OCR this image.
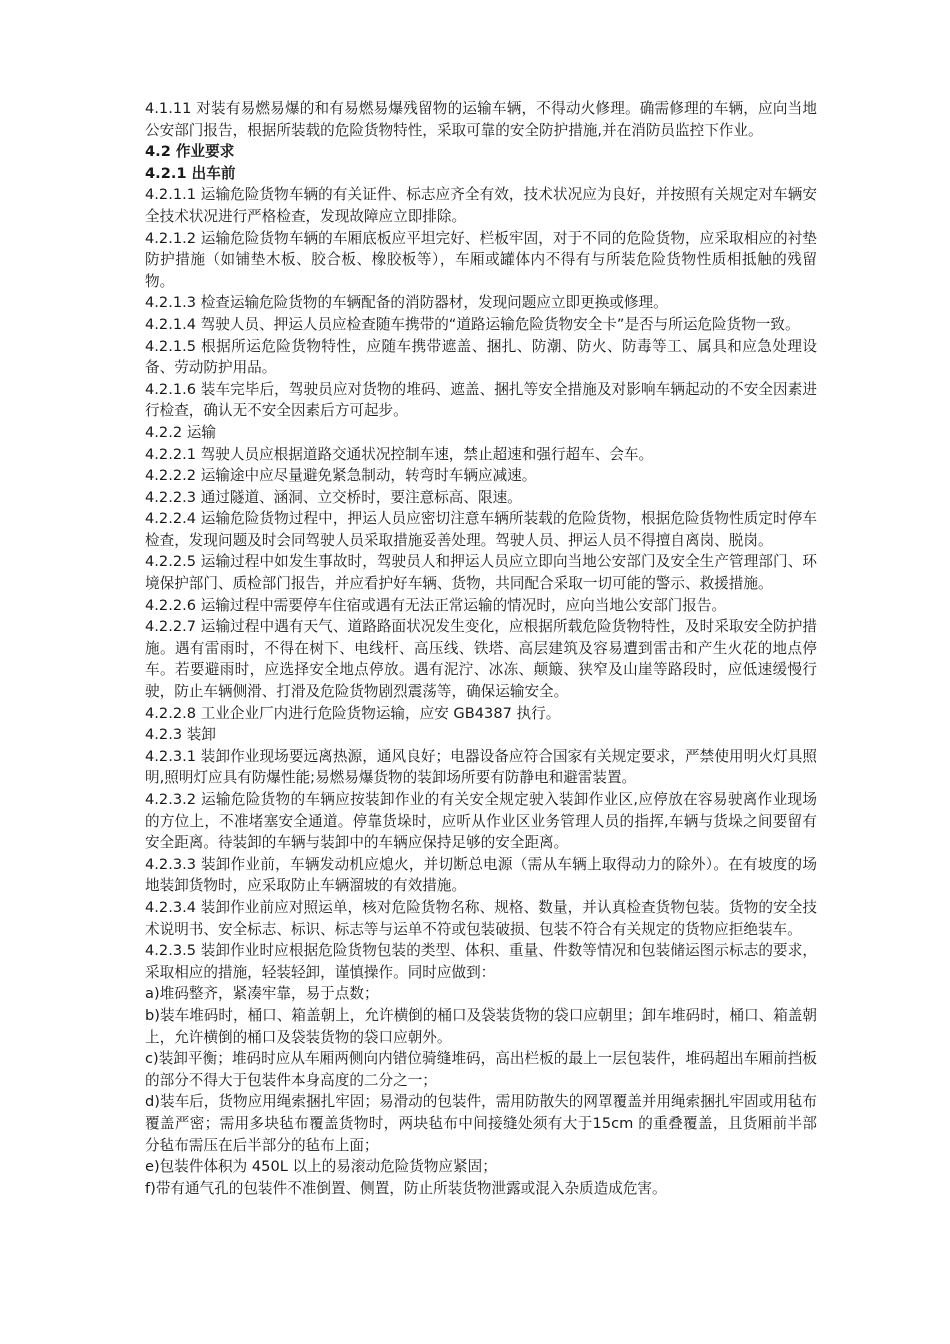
4.1.11 对装有易燃易爆的和有易燃易爆残留物的运输车辆，不得动火修理。确需修理的车辆，应向当地公安部门报告，根据所装载的危险货物特性，采取可靠的安全防护措施,并在消防员监控下作业。

4.2 作业要求

4.2.1 出车前

4.2.1.1 运输危险货物车辆的有关证件、标志应齐全有效，技术状况应为良好，并按照有关规定对车辆安全技术状况进行严格检查，发现故障应立即排除。

4.2.1.2 运输危险货物车辆的车厢底板应平坦完好、栏板牢固，对于不同的危险货物，应采取相应的衬垫防护措施（如铺垫木板、胶合板、橡胶板等），车厢或罐体内不得有与所装危险货物性质相抵触的残留物。

4.2.1.3 检查运输危险货物的车辆配备的消防器材，发现问题应立即更换或修理。

4.2.1.4 驾驶人员、押运人员应检查随车携带的“道路运输危险货物安全卡”是否与所运危险货物一致。

4.2.1.5 根据所运危险货物特性，应随车携带遮盖、捆扎、防潮、防火、防毒等工、属具和应急处理设备、劳动防护用品。

4.2.1.6 装车完毕后，驾驶员应对货物的堆码、遮盖、捆扎等安全措施及对影响车辆起动的不安全因素进行检查，确认无不安全因素后方可起步。

4.2.2 运输

4.2.2.1 驾驶人员应根据道路交通状况控制车速，禁止超速和强行超车、会车。

4.2.2.2 运输途中应尽量避免紧急制动，转弯时车辆应减速。

4.2.2.3 通过隧道、涵洞、立交桥时，要注意标高、限速。

4.2.2.4 运输危险货物过程中，押运人员应密切注意车辆所装载的危险货物，根据危险货物性质定时停车检查，发现问题及时会同驾驶人员采取措施妥善处理。驾驶人员、押运人员不得擅自离岗、脱岗。

4.2.2.5 运输过程中如发生事故时，驾驶员人和押运人员应立即向当地公安部门及安全生产管理部门、环境保护部门、质检部门报告，并应看护好车辆、货物，共同配合采取一切可能的警示、救援措施。

4.2.2.6 运输过程中需要停车住宿或遇有无法正常运输的情况时，应向当地公安部门报告。

4.2.2.7 运输过程中遇有天气、道路路面状况发生变化，应根据所载危险货物特性，及时采取安全防护措施。遇有雷雨时，不得在树下、电线杆、高压线、铁塔、高层建筑及容易遭到雷击和产生火花的地点停车。若要避雨时，应选择安全地点停放。遇有泥泞、冰冻、颠簸、狭窄及山崖等路段时，应低速缓慢行驶，防止车辆侧滑、打滑及危险货物剧烈震荡等，确保运输安全。

4.2.2.8 工业企业厂内进行危险货物运输，应安 GB4387 执行。

4.2.3 装卸

4.2.3.1 装卸作业现场要远离热源，通风良好；电器设备应符合国家有关规定要求，严禁使用明火灯具照明,照明灯应具有防爆性能;易燃易爆货物的装卸场所要有防静电和避雷装置。

4.2.3.2 运输危险货物的车辆应按装卸作业的有关安全规定驶入装卸作业区,应停放在容易驶离作业现场的方位上，不准堵塞安全通道。停靠货垛时，应听从作业区业务管理人员的指挥,车辆与货垛之间要留有安全距离。待装卸的车辆与装卸中的车辆应保持足够的安全距离。

4.2.3.3 装卸作业前，车辆发动机应熄火，并切断总电源（需从车辆上取得动力的除外）。在有坡度的场地装卸货物时，应采取防止车辆溜坡的有效措施。

4.2.3.4 装卸作业前应对照运单，核对危险货物名称、规格、数量，并认真检查货物包装。货物的安全技术说明书、安全标志、标识、标志等与运单不符或包装破损、包装不符合有关规定的货物应拒绝装车。

4.2.3.5 装卸作业时应根据危险货物包装的类型、体积、重量、件数等情况和包装储运图示标志的要求，采取相应的措施，轻装轻卸，谨慎操作。同时应做到：

a)堆码整齐，紧凑牢靠，易于点数；

b)装车堆码时，桶口、箱盖朝上，允许横倒的桶口及袋装货物的袋口应朝里；卸车堆码时，桶口、箱盖朝上，允许横倒的桶口及袋装货物的袋口应朝外。

c)装卸平衡；堆码时应从车厢两侧向内错位骑缝堆码，高出栏板的最上一层包装件，堆码超出车厢前挡板的部分不得大于包装件本身高度的二分之一；

d)装车后，货物应用绳索捆扎牢固；易滑动的包装件，需用防散失的网罩覆盖并用绳索捆扎牢固或用毡布覆盖严密；需用多块毡布覆盖货物时，两块毡布中间接缝处须有大于15cm 的重叠覆盖，且货厢前半部分毡布需压在后半部分的毡布上面；

e)包装件体积为 450L 以上的易滚动危险货物应紧固；

f)带有通气孔的包装件不准倒置、侧置，防止所装货物泄露或混入杂质造成危害。
